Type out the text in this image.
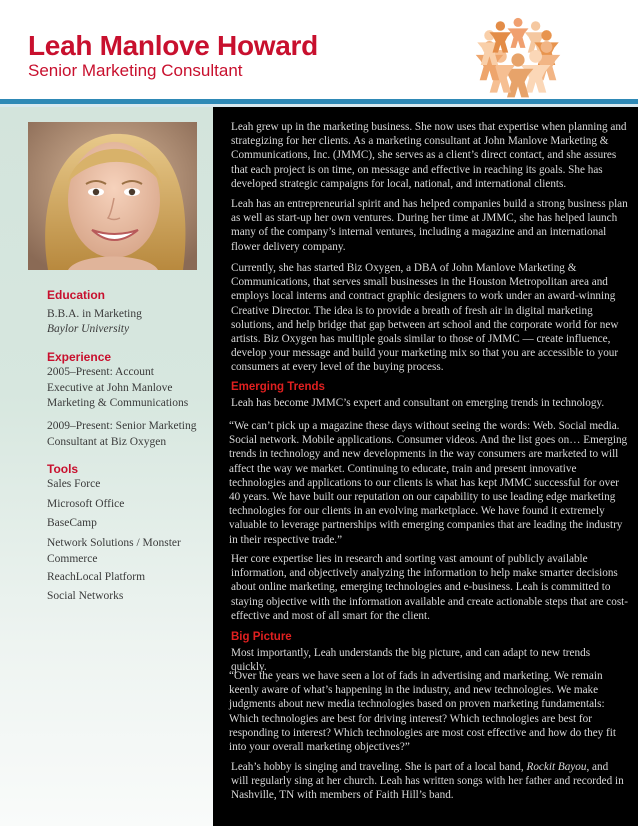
Leah Manlove Howard
Senior Marketing Consultant
Education
B.B.A. in Marketing
Baylor University
Experience
2005–Present: Account Executive at John Manlove Marketing & Communications
2009–Present: Senior Marketing Consultant at Biz Oxygen
Tools
Sales Force
Microsoft Office
BaseCamp
Network Solutions / Monster Commerce
ReachLocal Platform
Social Networks
Leah grew up in the marketing business. She now uses that expertise when planning and strategizing for her clients. As a marketing consultant at John Manlove Marketing & Communications, Inc. (JMMC), she serves as a client’s direct contact, and she assures that each project is on time, on message and effective in reaching its goals. She has developed strategic campaigns for local, national, and international clients.
Leah has an entrepreneurial spirit and has helped companies build a strong business plan as well as start-up her own ventures. During her time at JMMC, she has helped launch many of the company’s internal ventures, including a magazine and an international flower delivery company.
Currently, she has started Biz Oxygen, a DBA of John Manlove Marketing & Communications, that serves small businesses in the Houston Metropolitan area and employs local interns and contract graphic designers to work under an award-winning Creative Director. The idea is to provide a breath of fresh air in digital marketing solutions, and help bridge that gap between art school and the corporate world for new artists. Biz Oxygen has multiple goals similar to those of JMMC — create influence, develop your message and build your marketing mix so that you are accessible to your consumers at every level of the buying process.
Emerging Trends
Leah has become JMMC’s expert and consultant on emerging trends in technology.
“We can’t pick up a magazine these days without seeing the words: Web. Social media. Social network. Mobile applications. Consumer videos. And the list goes on… Emerging trends in technology and new developments in the way consumers are marketed to will affect the way we market. Continuing to educate, train and present innovative technologies and applications to our clients is what has kept JMMC successful for over 40 years. We have built our reputation on our capability to use leading edge marketing technologies for our clients in an evolving marketplace. We have found it extremely valuable to leverage partnerships with emerging companies that are leading the industry in their respective trade.”
Her core expertise lies in research and sorting vast amount of publicly available information, and objectively analyzing the information to help make smarter decisions about online marketing, emerging technologies and e-business. Leah is committed to staying objective with the information available and create actionable steps that are cost-effective and most of all smart for the client.
Big Picture
Most importantly, Leah understands the big picture, and can adapt to new trends quickly.
“Over the years we have seen a lot of fads in advertising and marketing. We remain keenly aware of what’s happening in the industry, and new technologies. We make judgments about new media technologies based on proven marketing fundamentals: Which technologies are best for driving interest? Which technologies are best for responding to interest? Which technologies are most cost effective and how do they fit into your overall marketing objectives?”
Leah’s hobby is singing and traveling. She is part of a local band, Rockit Bayou, and will regularly sing at her church. Leah has written songs with her father and recorded in Nashville, TN with members of Faith Hill’s band.
